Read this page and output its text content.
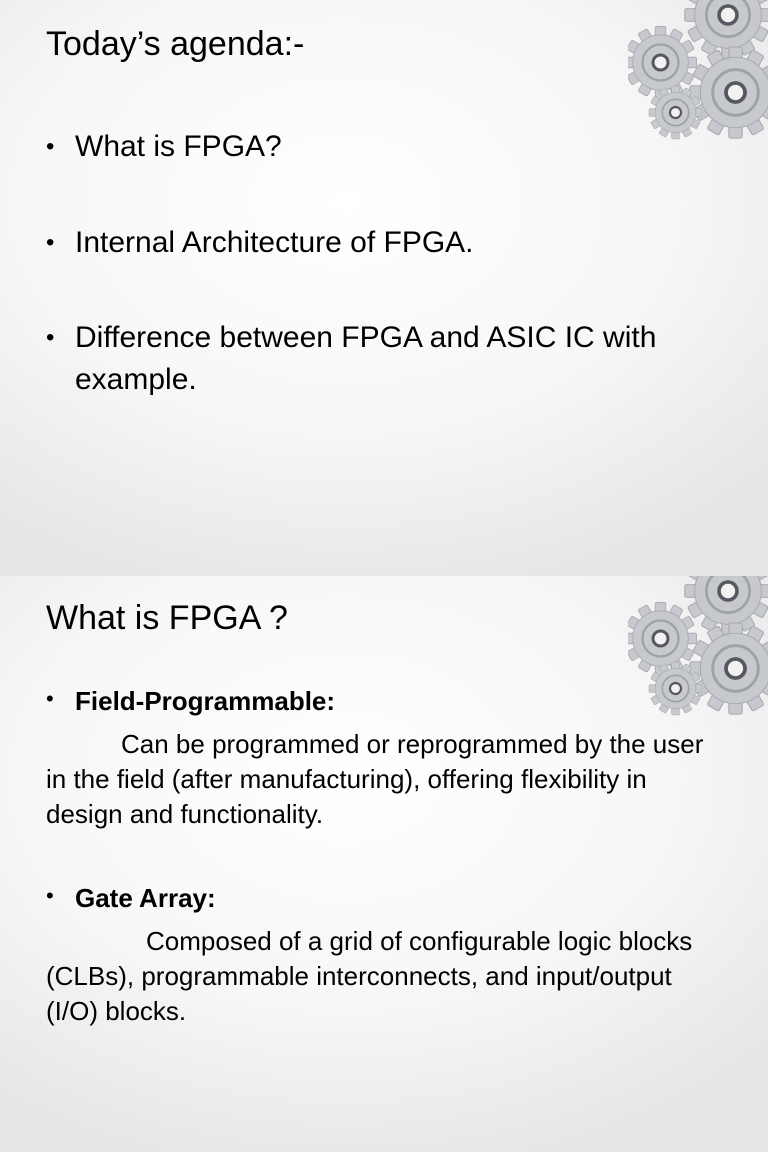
Today’s agenda:-
• What is FPGA?
• Internal Architecture of FPGA.
• Difference between FPGA and ASIC IC with example.
What is FPGA ?
• Field-Programmable:

Can be programmed or reprogrammed by the user in the field (after manufacturing), offering flexibility in design and functionality.

• Gate Array:

Composed of a grid of configurable logic blocks (CLBs), programmable interconnects, and input/output (I/O) blocks.
